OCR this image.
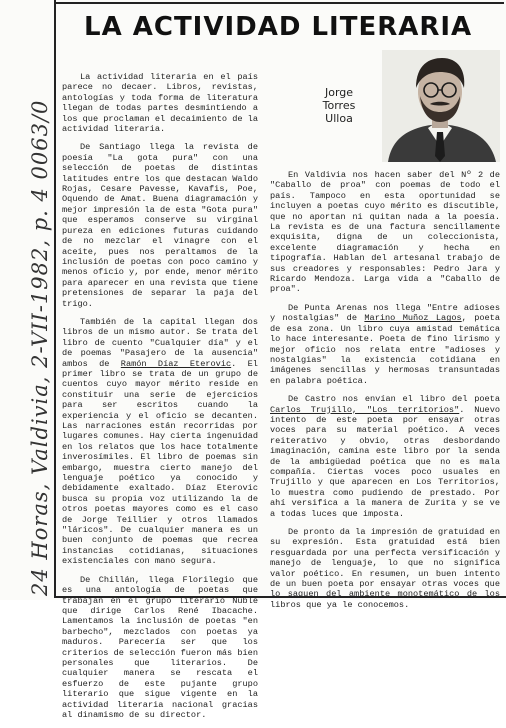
24 Horas, Valdivia, 2-VII-1982, p. 4 0063/0
LA ACTIVIDAD LITERARIA

La actividad literaria en el país parece no decaer. Libros, revistas, antologías y toda forma de literatura llegan de todas partes desmintiendo a los que proclaman el decaimiento de la actividad literaria.

De Santiago llega la revista de poesía "La gota pura" con una selección de poetas de distintas latitudes entre los que destacan Waldo Rojas, Cesare Pavesse, Kavafis, Poe, Oquendo de Amat. Buena diagramación y mejor impresión la de esta "Gota pura" que esperamos conserve su virginal pureza en ediciones futuras cuidando de no mezclar el vinagre con el aceite, pues nos peraltamos de la inclusión de poetas con poco camino y menos oficio y, por ende, menor mérito para aparecer en una revista que tiene pretensiones de separar la paja del trigo.

También de la capital llegan dos libros de un mismo autor. Se trata del libro de cuento "Cualquier día" y el de poemas "Pasajero de la ausencia" ambos de Ramón Díaz Eterovic. El primer libro se trata de un grupo de cuentos cuyo mayor mérito reside en constituir una serie de ejercicios para ser escritos cuando la experiencia y el oficio se decanten. Las narraciones están recorridas por lugares comunes. Hay cierta ingenuidad en los relatos que los hace totalmente inverosímiles. El libro de poemas sin embargo, muestra cierto manejo del lenguaje poético ya conocido y debidamente exaltado. Díaz Eterovic busca su propia voz utilizando la de otros poetas mayores como es el caso de Jorge Teillier y otros llamados "láricos". De cualquier manera es un buen conjunto de poemas que recrea instancias cotidianas, situaciones existenciales con mano segura.

De Chillán, llega Florilegio que es una antología de poetas que trabajan en el grupo literario Ñuble que dirige Carlos René Ibacache. Lamentamos la inclusión de poetas "en barbecho", mezclados con poetas ya maduros. Parecería ser que los criterios de selección fueron más bien personales que literarios. De cualquier manera se rescata el esfuerzo de este pujante grupo literario que sigue vigente en la actividad literaria nacional gracias al dinamismo de su director.

Jorge
Torres
Ulloa

En Valdivia nos hacen saber del Nº 2 de "Caballo de proa" con poemas de todo el país. Tampoco en esta oportunidad se incluyen a poetas cuyo mérito es discutible, que no aportan ni quitan nada a la poesía. La revista es de una factura sencillamente exquisita, digna de un coleccionista, excelente diagramación y hecha en tipografía. Hablan del artesanal trabajo de sus creadores y responsables: Pedro Jara y Ricardo Mendoza. Larga vida a "Caballo de proa".

De Punta Arenas nos llega "Entre adioses y nostalgias" de Marino Muñoz Lagos, poeta de esa zona. Un libro cuya amistad temática lo hace interesante. Poeta de fino lirismo y mejor oficio nos relata entre "adioses y nostalgias" la existencia cotidiana en imágenes sencillas y hermosas transuntadas en palabra poética.

De Castro nos envían el libro del poeta Carlos Trujillo, "Los territorios". Nuevo intento de este poeta por ensayar otras voces para su material poético. A veces reiterativo y obvio, otras desbordando imaginación, camina este libro por la senda de la ambigüedad poética que no es mala compañía. Ciertas voces poco usuales en Trujillo y que aparecen en Los Territorios, lo muestra como pudiendo de prestado. Por ahí versifica a la manera de Zurita y se ve a todas luces que imposta.

De pronto da la impresión de gratuidad en su expresión. Esta gratuidad está bien resguardada por una perfecta versificación y manejo de lenguaje, lo que no significa valor poético. En resumen, un buen intento de un buen poeta por ensayar otras voces que lo saquen del ambiente monotemático de los libros que ya le conocemos.
